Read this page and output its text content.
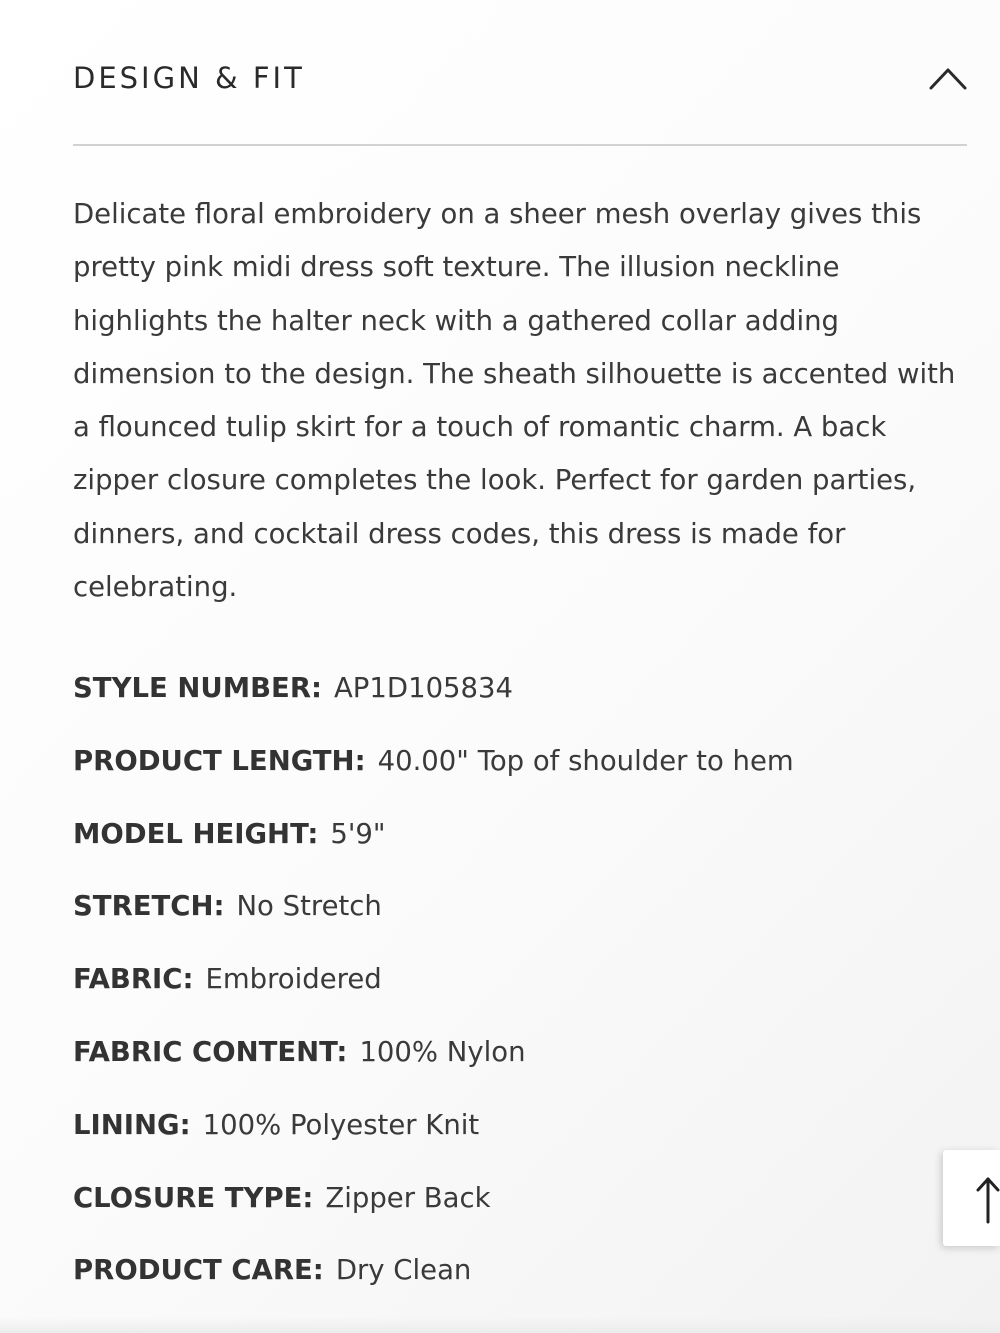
DESIGN & FIT

Delicate floral embroidery on a sheer mesh overlay gives this pretty pink midi dress soft texture. The illusion neckline highlights the halter neck with a gathered collar adding dimension to the design. The sheath silhouette is accented with a flounced tulip skirt for a touch of romantic charm. A back zipper closure completes the look. Perfect for garden parties, dinners, and cocktail dress codes, this dress is made for celebrating.

STYLE NUMBER: AP1D105834
PRODUCT LENGTH: 40.00" Top of shoulder to hem
MODEL HEIGHT: 5'9"
STRETCH: No Stretch
FABRIC: Embroidered
FABRIC CONTENT: 100% Nylon
LINING: 100% Polyester Knit
CLOSURE TYPE: Zipper Back
PRODUCT CARE: Dry Clean
